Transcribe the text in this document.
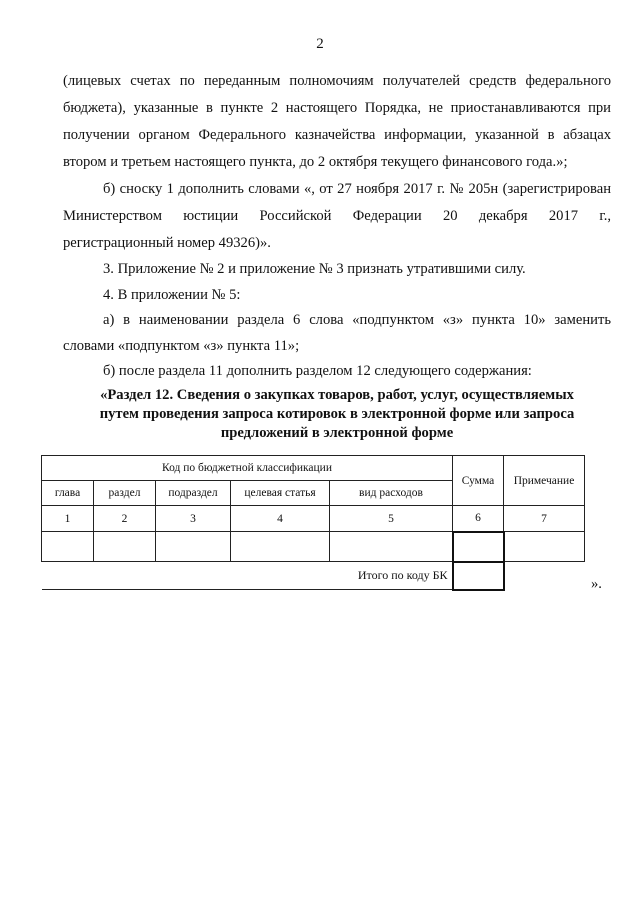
2
(лицевых счетах по переданным полномочиям получателей средств федерального
бюджета), указанные в пункте 2 настоящего Порядка, не приостанавливаются при
получении органом Федерального казначейства информации, указанной в абзацах
втором и третьем настоящего пункта, до 2 октября текущего финансового года.»;
б) сноску 1 дополнить словами «, от 27 ноября 2017 г. № 205н (зарегистрирован
Министерством юстиции Российской Федерации 20 декабря 2017 г.,
регистрационный номер 49326)».
3. Приложение № 2 и приложение № 3 признать утратившими силу.
4. В приложении № 5:
а) в наименовании раздела 6 слова «подпунктом «з» пункта 10» заменить
словами «подпунктом «з» пункта 11»;
б) после раздела 11 дополнить разделом 12 следующего содержания:
«Раздел 12. Сведения о закупках товаров, работ, услуг, осуществляемых
путем проведения запроса котировок в электронной форме или запроса
предложений в электронной форме
Код по бюджетной классификации					Сумма	Примечание
глава	раздел	подраздел	целевая статья	вид расходов		
1	2	3	4	5	6	7

Итого по коду БК						
».
